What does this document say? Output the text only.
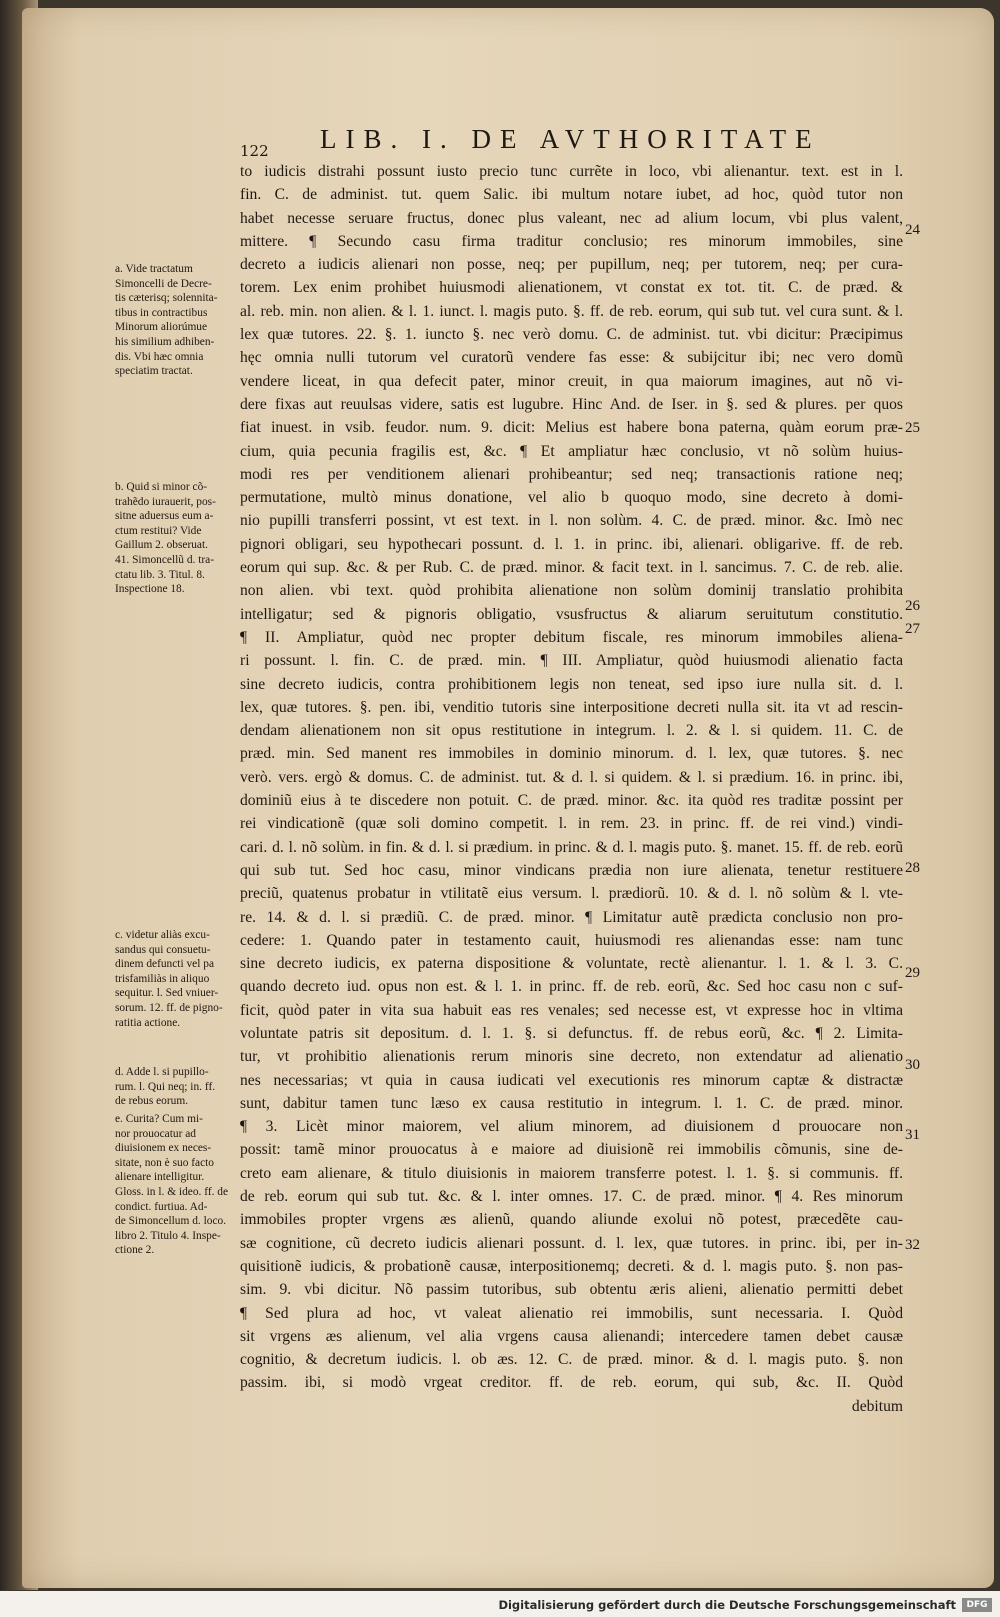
122 LIB. I. DE AVTHORITATE
to iudicis distrahi possunt iusto precio tunc currẽte in loco, vbi alienantur. text. est in l.
fin. C. de administ. tut. quem Salic. ibi multum notare iubet, ad hoc, quòd tutor non
habet necesse seruare fructus, donec plus valeant, nec ad alium locum, vbi plus valent,
mittere. ¶ Secundo casu firma traditur conclusio; res minorum immobiles, sine
decreto a iudicis alienari non posse, neq; per pupillum, neq; per tutorem, neq; per cura-
torem. Lex enim prohibet huiusmodi alienationem, vt constat ex tot. tit. C. de præd. &
al. reb. min. non alien. & l. 1. iunct. l. magis puto. §. ff. de reb. eorum, qui sub tut. vel cura sunt. & l.
lex quæ tutores. 22. §. 1. iuncto §. nec verò domu. C. de administ. tut. vbi dicitur: Præcipimus
hęc omnia nulli tutorum vel curatorũ vendere fas esse: & subijcitur ibi; nec vero domũ
vendere liceat, in qua defecit pater, minor creuit, in qua maiorum imagines, aut nõ vi-
dere fixas aut reuulsas videre, satis est lugubre. Hinc And. de Iser. in §. sed & plures. per quos
fiat inuest. in vsib. feudor. num. 9. dicit: Melius est habere bona paterna, quàm eorum præ-
cium, quia pecunia fragilis est, &c. ¶ Et ampliatur hæc conclusio, vt nõ solùm huius-
modi res per venditionem alienari prohibeantur; sed neq; transactionis ratione neq;
permutatione, multò minus donatione, vel alio b quoquo modo, sine decreto à domi-
nio pupilli transferri possint, vt est text. in l. non solùm. 4. C. de præd. minor. &c. Imò nec
pignori obligari, seu hypothecari possunt. d. l. 1. in princ. ibi, alienari. obligarive. ff. de reb.
eorum qui sup. &c. & per Rub. C. de præd. minor. & facit text. in l. sancimus. 7. C. de reb. alie.
non alien. vbi text. quòd prohibita alienatione non solùm dominij translatio prohibita
intelligatur; sed & pignoris obligatio, vsusfructus & aliarum seruitutum constitutio.
¶ II. Ampliatur, quòd nec propter debitum fiscale, res minorum immobiles aliena-
ri possunt. l. fin. C. de præd. min. ¶ III. Ampliatur, quòd huiusmodi alienatio facta
sine decreto iudicis, contra prohibitionem legis non teneat, sed ipso iure nulla sit. d. l.
lex, quæ tutores. §. pen. ibi, venditio tutoris sine interpositione decreti nulla sit. ita vt ad rescin-
dendam alienationem non sit opus restitutione in integrum. l. 2. & l. si quidem. 11. C. de
præd. min. Sed manent res immobiles in dominio minorum. d. l. lex, quæ tutores. §. nec
verò. vers. ergò & domus. C. de administ. tut. & d. l. si quidem. & l. si prædium. 16. in princ. ibi,
dominiũ eius à te discedere non potuit. C. de præd. minor. &c. ita quòd res traditæ possint per
rei vindicationẽ (quæ soli domino competit. l. in rem. 23. in princ. ff. de rei vind.) vindi-
cari. d. l. nõ solùm. in fin. & d. l. si prædium. in princ. & d. l. magis puto. §. manet. 15. ff. de reb. eorũ
qui sub tut. Sed hoc casu, minor vindicans prædia non iure alienata, tenetur restituere
preciũ, quatenus probatur in vtilitatẽ eius versum. l. prædiorũ. 10. & d. l. nõ solùm & l. vte-
re. 14. & d. l. si prædiũ. C. de præd. minor. ¶ Limitatur autẽ prædicta conclusio non pro-
cedere: 1. Quando pater in testamento cauit, huiusmodi res alienandas esse: nam tunc
sine decreto iudicis, ex paterna dispositione & voluntate, rectè alienantur. l. 1. & l. 3. C.
quando decreto iud. opus non est. & l. 1. in princ. ff. de reb. eorũ, &c. Sed hoc casu non c suf-
ficit, quòd pater in vita sua habuit eas res venales; sed necesse est, vt expresse hoc in vltima
voluntate patris sit depositum. d. l. 1. §. si defunctus. ff. de rebus eorũ, &c. ¶ 2. Limita-
tur, vt prohibitio alienationis rerum minoris sine decreto, non extendatur ad alienatio
nes necessarias; vt quia in causa iudicati vel executionis res minorum captæ & distractæ
sunt, dabitur tamen tunc læso ex causa restitutio in integrum. l. 1. C. de præd. minor.
¶ 3. Licèt minor maiorem, vel alium minorem, ad diuisionem d prouocare non
possit: tamẽ minor prouocatus à e maiore ad diuisionẽ rei immobilis cõmunis, sine de-
creto eam alienare, & titulo diuisionis in maiorem transferre potest. l. 1. §. si communis. ff.
de reb. eorum qui sub tut. &c. & l. inter omnes. 17. C. de præd. minor. ¶ 4. Res minorum
immobiles propter vrgens æs alienũ, quando aliunde exolui nõ potest, præcedẽte cau-
sæ cognitione, cũ decreto iudicis alienari possunt. d. l. lex, quæ tutores. in princ. ibi, per in-
quisitionẽ iudicis, & probationẽ causæ, interpositionemq; decreti. & d. l. magis puto. §. non pas-
sim. 9. vbi dicitur. Nõ passim tutoribus, sub obtentu æris alieni, alienatio permitti debet
¶ Sed plura ad hoc, vt valeat alienatio rei immobilis, sunt necessaria. I. Quòd
sit vrgens æs alienum, vel alia vrgens causa alienandi; intercedere tamen debet causæ
cognitio, & decretum iudicis. l. ob æs. 12. C. de præd. minor. & d. l. magis puto. §. non
passim. ibi, si modò vrgeat creditor. ff. de reb. eorum, qui sub, &c. II. Quòd
debitum
a. Vide tractatum
Simoncelli de Decre-
tis cæterisq; solennita-
tibus in contractibus
Minorum aliorúmue
his similium adhiben-
dis. Vbi hæc omnia
speciatim tractat.
b. Quid si minor cõ-
trahẽdo iurauerit, pos-
sitne aduersus eum a-
ctum restitui? Vide
Gaillum 2. obseruat.
41. Simoncellũ d. tra-
ctatu lib. 3. Titul. 8.
Inspectione 18.
c. videtur aliàs excu-
sandus qui consuetu-
dinem defuncti vel pa
trisfamiliàs in aliquo
sequitur. l. Sed vniuer-
sorum. 12. ff. de pigno-
ratitia actione.
d. Adde l. si pupillo-
rum. l. Qui neq; in. ff.
de rebus eorum.
e. Curita? Cum mi-
nor prouocatur ad
diuisionem ex neces-
sitate, non è suo facto
alienare intelligitur.
Gloss. in l. & ideo. ff. de
condict. furtiua. Ad-
de Simoncellum d. loco.
libro 2. Titulo 4. Inspe-
ctione 2.
24
25
26
27
28
29
30
31
32
Digitalisierung gefördert durch die Deutsche Forschungsgemeinschaft	DFG
